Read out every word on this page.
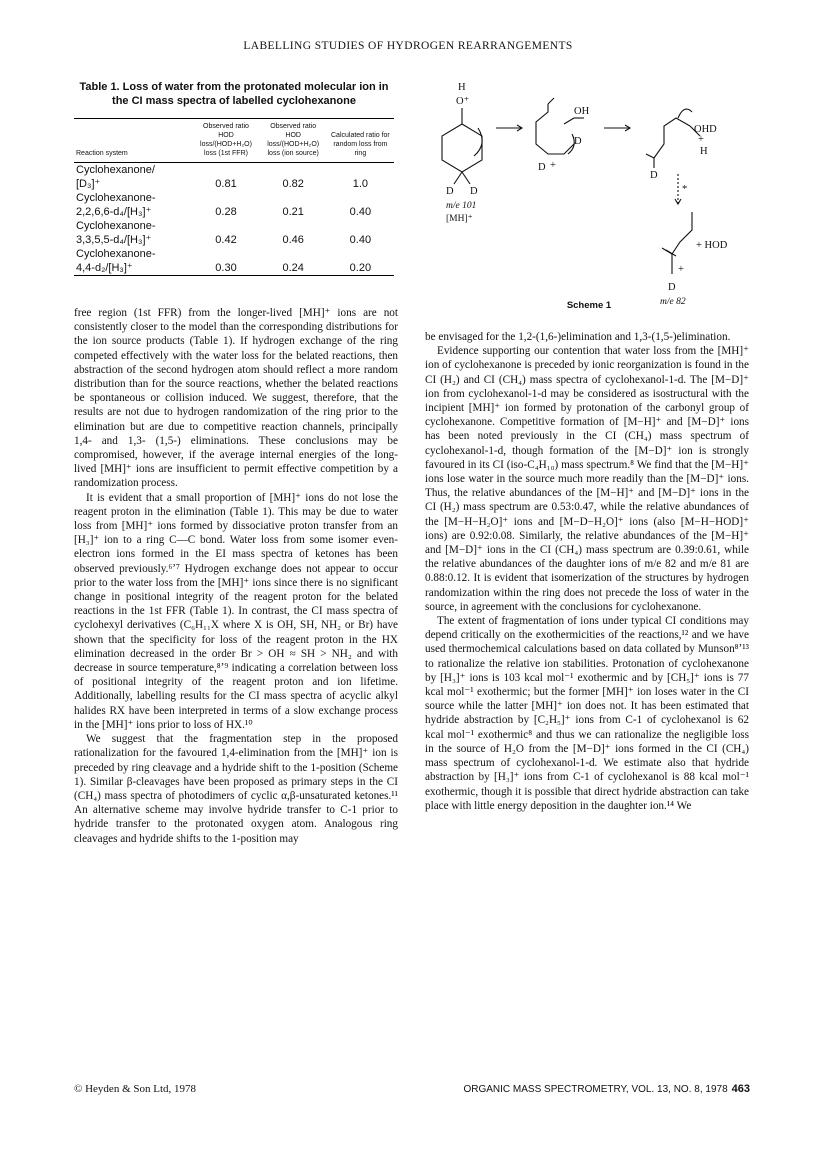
LABELLING STUDIES OF HYDROGEN REARRANGEMENTS
Table 1. Loss of water from the protonated molecular ion in
the CI mass spectra of labelled cyclohexanone
Reaction system	Observed ratio HOD loss/(HOD+H₂O) loss (1st FFR)	Observed ratio HOD loss/(HOD+H₂O) loss (ion source)	Calculated ratio for random loss from ring

Cyclohexanone/
[D₃]⁺	0.81	0.82	1.0

Cyclohexanone-
2,2,6,6-d₄/[H₃]⁺	0.28	0.21	0.40

Cyclohexanone-
3,3,5,5-d₄/[H₃]⁺	0.42	0.46	0.40

Cyclohexanone-
4,4-d₂/[H₃]⁺	0.30	0.24	0.20
H
O⁺
D D
m/e 101
[MH]⁺
OH
D
D +
OHD
+
H
D
*
+ HOD
+
D
m/e 82
Scheme 1

free region (1st FFR) from the longer-lived [MH]⁺ ions are not consistently closer to the model than the corresponding distributions for the ion source products (Table 1). If hydrogen exchange of the ring competed effectively with the water loss for the belated reactions, then abstraction of the second hydrogen atom should reflect a more random distribution than for the source reactions, whether the belated reactions be spontaneous or collision induced. We suggest, therefore, that the results are not due to hydrogen randomization of the ring prior to the elimination but are due to competitive reaction channels, principally 1,4- and 1,3- (1,5-) eliminations. These conclusions may be compromised, however, if the average internal energies of the long-lived [MH]⁺ ions are insufficient to permit effective competition by a randomization process.

It is evident that a small proportion of [MH]⁺ ions do not lose the reagent proton in the elimination (Table 1). This may be due to water loss from [MH]⁺ ions formed by dissociative proton transfer from an [H₃]⁺ ion to a ring C—C bond. Water loss from some isomer even-electron ions formed in the EI mass spectra of ketones has been observed previously.⁶ʼ⁷ Hydrogen exchange does not appear to occur prior to the water loss from the [MH]⁺ ions since there is no significant change in positional integrity of the reagent proton for the belated reactions in the 1st FFR (Table 1). In contrast, the CI mass spectra of cyclohexyl derivatives (C₆H₁₁X where X is OH, SH, NH₂ or Br) have shown that the specificity for loss of the reagent proton in the HX elimination decreased in the order Br > OH ≈ SH > NH₂ and with decrease in source temperature,⁸ʼ⁹ indicating a correlation between loss of positional integrity of the reagent proton and ion lifetime. Additionally, labelling results for the CI mass spectra of acyclic alkyl halides RX have been interpreted in terms of a slow exchange process in the [MH]⁺ ions prior to loss of HX.¹⁰

We suggest that the fragmentation step in the proposed rationalization for the favoured 1,4-elimination from the [MH]⁺ ion is preceded by ring cleavage and a hydride shift to the 1-position (Scheme 1). Similar β-cleavages have been proposed as primary steps in the CI (CH₄) mass spectra of photodimers of cyclic α,β-unsaturated ketones.¹¹ An alternative scheme may involve hydride transfer to C-1 prior to hydride transfer to the protonated oxygen atom. Analogous ring cleavages and hydride shifts to the 1-position may

be envisaged for the 1,2-(1,6-)elimination and 1,3-(1,5-)elimination.

Evidence supporting our contention that water loss from the [MH]⁺ ion of cyclohexanone is preceded by ionic reorganization is found in the CI (H₂) and CI (CH₄) mass spectra of cyclohexanol-1-d. The [M−D]⁺ ion from cyclohexanol-1-d may be considered as isostructural with the incipient [MH]⁺ ion formed by protonation of the carbonyl group of cyclohexanone. Competitive formation of [M−H]⁺ and [M−D]⁺ ions has been noted previously in the CI (CH₄) mass spectrum of cyclohexanol-1-d, though formation of the [M−D]⁺ ion is strongly favoured in its CI (iso-C₄H₁₀) mass spectrum.⁸ We find that the [M−H]⁺ ions lose water in the source much more readily than the [M−D]⁺ ions. Thus, the relative abundances of the [M−H]⁺ and [M−D]⁺ ions in the CI (H₂) mass spectrum are 0.53:0.47, while the relative abundances of the [M−H−H₂O]⁺ ions and [M−D−H₂O]⁺ ions (also [M−H−HOD]⁺ ions) are 0.92:0.08. Similarly, the relative abundances of the [M−H]⁺ and [M−D]⁺ ions in the CI (CH₄) mass spectrum are 0.39:0.61, while the relative abundances of the daughter ions of m/e 82 and m/e 81 are 0.88:0.12. It is evident that isomerization of the structures by hydrogen randomization within the ring does not precede the loss of water in the source, in agreement with the conclusions for cyclohexanone.

The extent of fragmentation of ions under typical CI conditions may depend critically on the exothermicities of the reactions,¹² and we have used thermochemical calculations based on data collated by Munson⁸ʼ¹³ to rationalize the relative ion stabilities. Protonation of cyclohexanone by [H₃]⁺ ions is 103 kcal mol⁻¹ exothermic and by [CH₅]⁺ ions is 77 kcal mol⁻¹ exothermic; but the former [MH]⁺ ion loses water in the CI source while the latter [MH]⁺ ion does not. It has been estimated that hydride abstraction by [C₂H₅]⁺ ions from C-1 of cyclohexanol is 62 kcal mol⁻¹ exothermic⁸ and thus we can rationalize the negligible loss in the source of H₂O from the [M−D]⁺ ions formed in the CI (CH₄) mass spectrum of cyclohexanol-1-d. We estimate also that hydride abstraction by [H₃]⁺ ions from C-1 of cyclohexanol is 88 kcal mol⁻¹ exothermic, though it is possible that direct hydride abstraction can take place with little energy deposition in the daughter ion.¹⁴ We

© Heyden & Son Ltd, 1978	ORGANIC MASS SPECTROMETRY, VOL. 13, NO. 8, 1978 463
